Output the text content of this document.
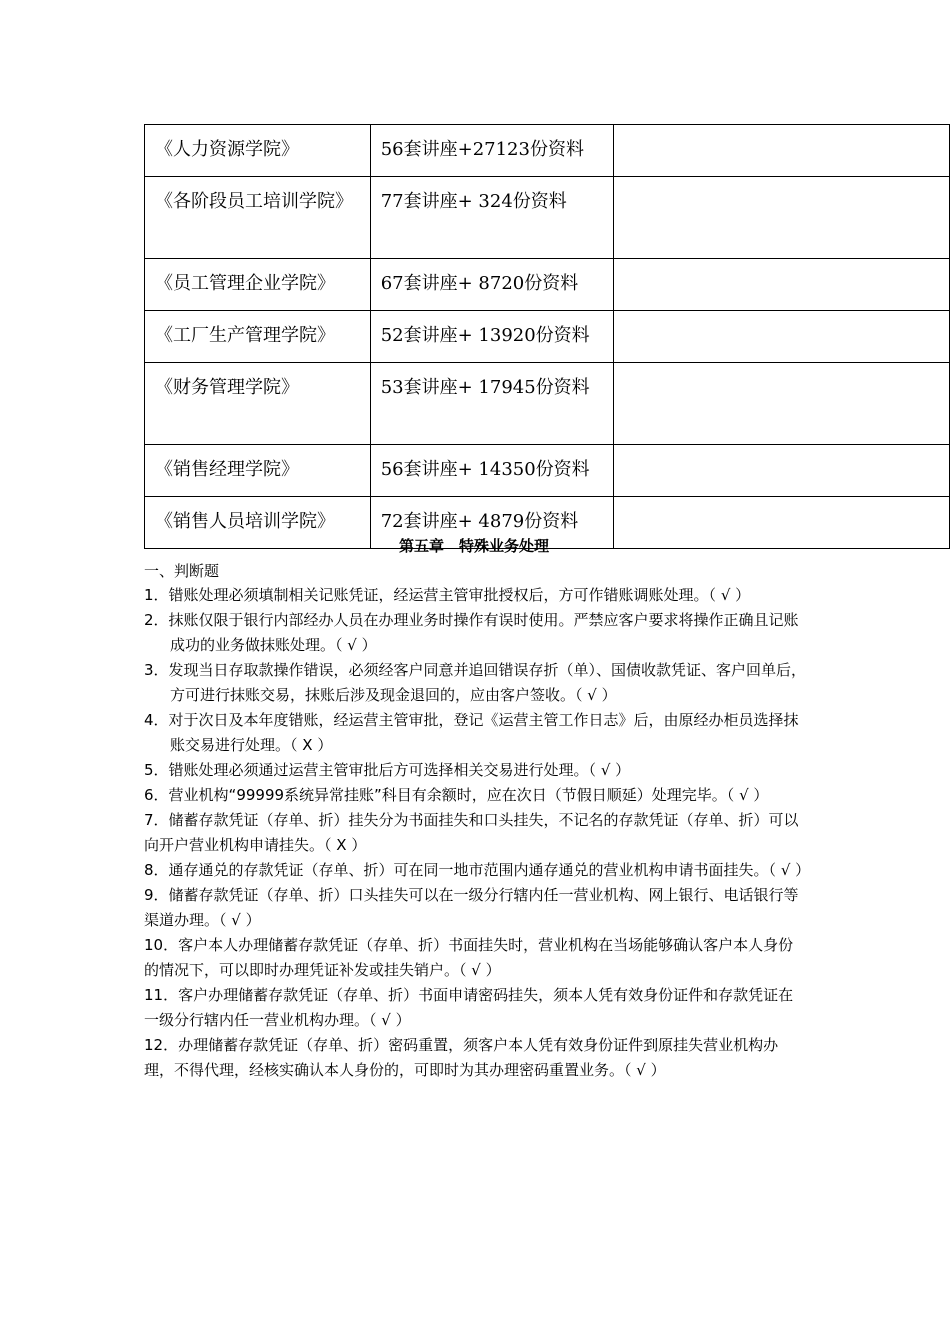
《人力资源学院》	56套讲座+27123份资料	
《各阶段员工培训学院》	77套讲座+ 324份资料	
《员工管理企业学院》	67套讲座+ 8720份资料	
《工厂生产管理学院》	52套讲座+ 13920份资料	
《财务管理学院》	53套讲座+ 17945份资料	
《销售经理学院》	56套讲座+ 14350份资料	
《销售人员培训学院》	72套讲座+ 4879份资料	
第五章　特殊业务处理
一、判断题
1．错账处理必须填制相关记账凭证，经运营主管审批授权后，方可作错账调账处理。（ √ ）
2．抹账仅限于银行内部经办人员在办理业务时操作有误时使用。严禁应客户要求将操作正确且记账成功的业务做抹账处理。（ √ ）
3．发现当日存取款操作错误，必须经客户同意并追回错误存折（单）、国债收款凭证、客户回单后，方可进行抹账交易，抹账后涉及现金退回的，应由客户签收。（ √ ）
4．对于次日及本年度错账，经运营主管审批，登记《运营主管工作日志》后，由原经办柜员选择抹账交易进行处理。（ X ）
5．错账处理必须通过运营主管审批后方可选择相关交易进行处理。（ √ ）
6．营业机构“99999系统异常挂账”科目有余额时，应在次日（节假日顺延）处理完毕。（ √ ）
7．储蓄存款凭证（存单、折）挂失分为书面挂失和口头挂失，不记名的存款凭证（存单、折）可以向开户营业机构申请挂失。（ X ）
8．通存通兑的存款凭证（存单、折）可在同一地市范围内通存通兑的营业机构申请书面挂失。（ √ ）
9．储蓄存款凭证（存单、折）口头挂失可以在一级分行辖内任一营业机构、网上银行、电话银行等渠道办理。（ √ ）
10．客户本人办理储蓄存款凭证（存单、折）书面挂失时，营业机构在当场能够确认客户本人身份的情况下，可以即时办理凭证补发或挂失销户。（ √ ）
11．客户办理储蓄存款凭证（存单、折）书面申请密码挂失，须本人凭有效身份证件和存款凭证在一级分行辖内任一营业机构办理。（ √ ）
12．办理储蓄存款凭证（存单、折）密码重置，须客户本人凭有效身份证件到原挂失营业机构办理，不得代理，经核实确认本人身份的，可即时为其办理密码重置业务。（ √ ）
